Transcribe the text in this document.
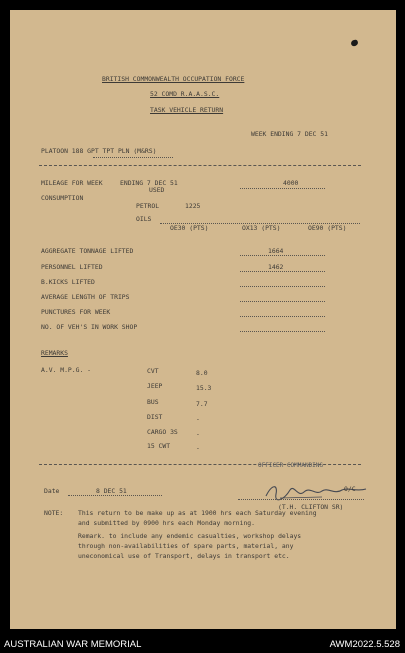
BRITISH COMMONWEALTH OCCUPATION FORCE
52 COMD R.A.A.S.C.
TASK VEHICLE RETURN
WEEK ENDING 7 DEC 51
PLATOON 188 GPT TPT PLN (M&RS)
MILEAGE FOR WEEK	ENDING 7 DEC 51
USED
4000
CONSUMPTION
PETROL	1225
OILS
OE30 (PTS)	OX13 (PTS)	OE90 (PTS)
AGGREGATE TONNAGE LIFTED	1664
PERSONNEL LIFTED	1462
B.KICKS LIFTED
AVERAGE LENGTH OF TRIPS
PUNCTURES FOR WEEK
NO. OF VEH'S IN WORK SHOP
REMARKS
A.V. M.P.G. -	CVT	8.0
JEEP	15.3
BUS	7.7
DIST	-
CARGO 3S	-
15 CWT	-
OFFICER COMMANDING
O/C
(T.H. CLIFTON SR)
Date	8 DEC 51
NOTE: This return to be make up as at 1900 hrs each Saturday evening
and submitted by 0900 hrs each Monday morning.
Remark. to include any endemic casualties, workshop delays
through non-availabilities of spare parts, material, any
uneconomical use of Transport, delays in transport etc.
AUSTRALIAN WAR MEMORIAL	AWM2022.5.528
